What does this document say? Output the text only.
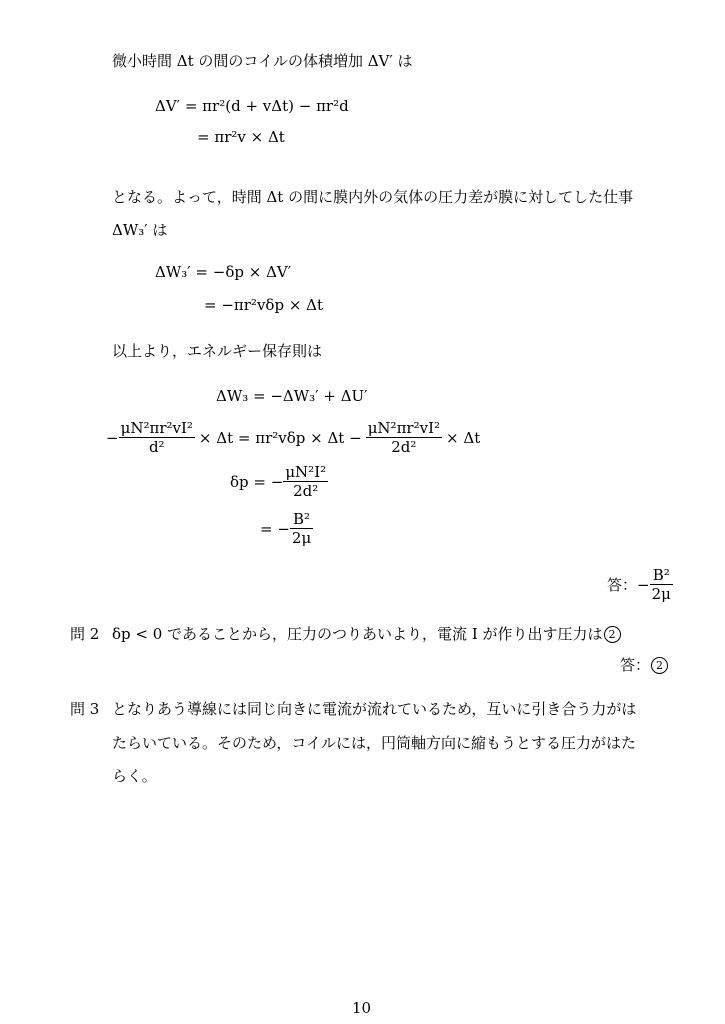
微小時間 Δt の間のコイルの体積増加 ΔV′ は
ΔV′ = πr²(d + vΔt) − πr²d
= πr²v × Δt
となる。よって，時間 Δt の間に膜内外の気体の圧力差が膜に対してした仕事
ΔW₃′ は
ΔW₃′ = −δp × ΔV′
= −πr²vδp × Δt
以上より，エネルギー保存則は
ΔW₃ = −ΔW₃′ + ΔU′
− $\frac{\text{μN²πr²vI²}}{\text{d²}} \times \Delta t = \pi r^2v\delta p \times \Delta t - \frac{\text{μN²πr²vI²}}{\text{2d²}} \times \Delta t$
δp = − $\frac{\text{μN²I²}}{\text{2d²}}$
= − $\frac{\text{B²}}{2\mu}$
答：− $\frac{\text{B²}}{2\mu}$
問 2 δp < 0 であることから，圧力のつりあいより，電流 I が作り出す圧力は 2
答： 2
問 3 となりあう導線には同じ向きに電流が流れているため，互いに引き合う力がは
たらいている。そのため，コイルには，円筒軸方向に縮もうとする圧力がはた
らく。
10
